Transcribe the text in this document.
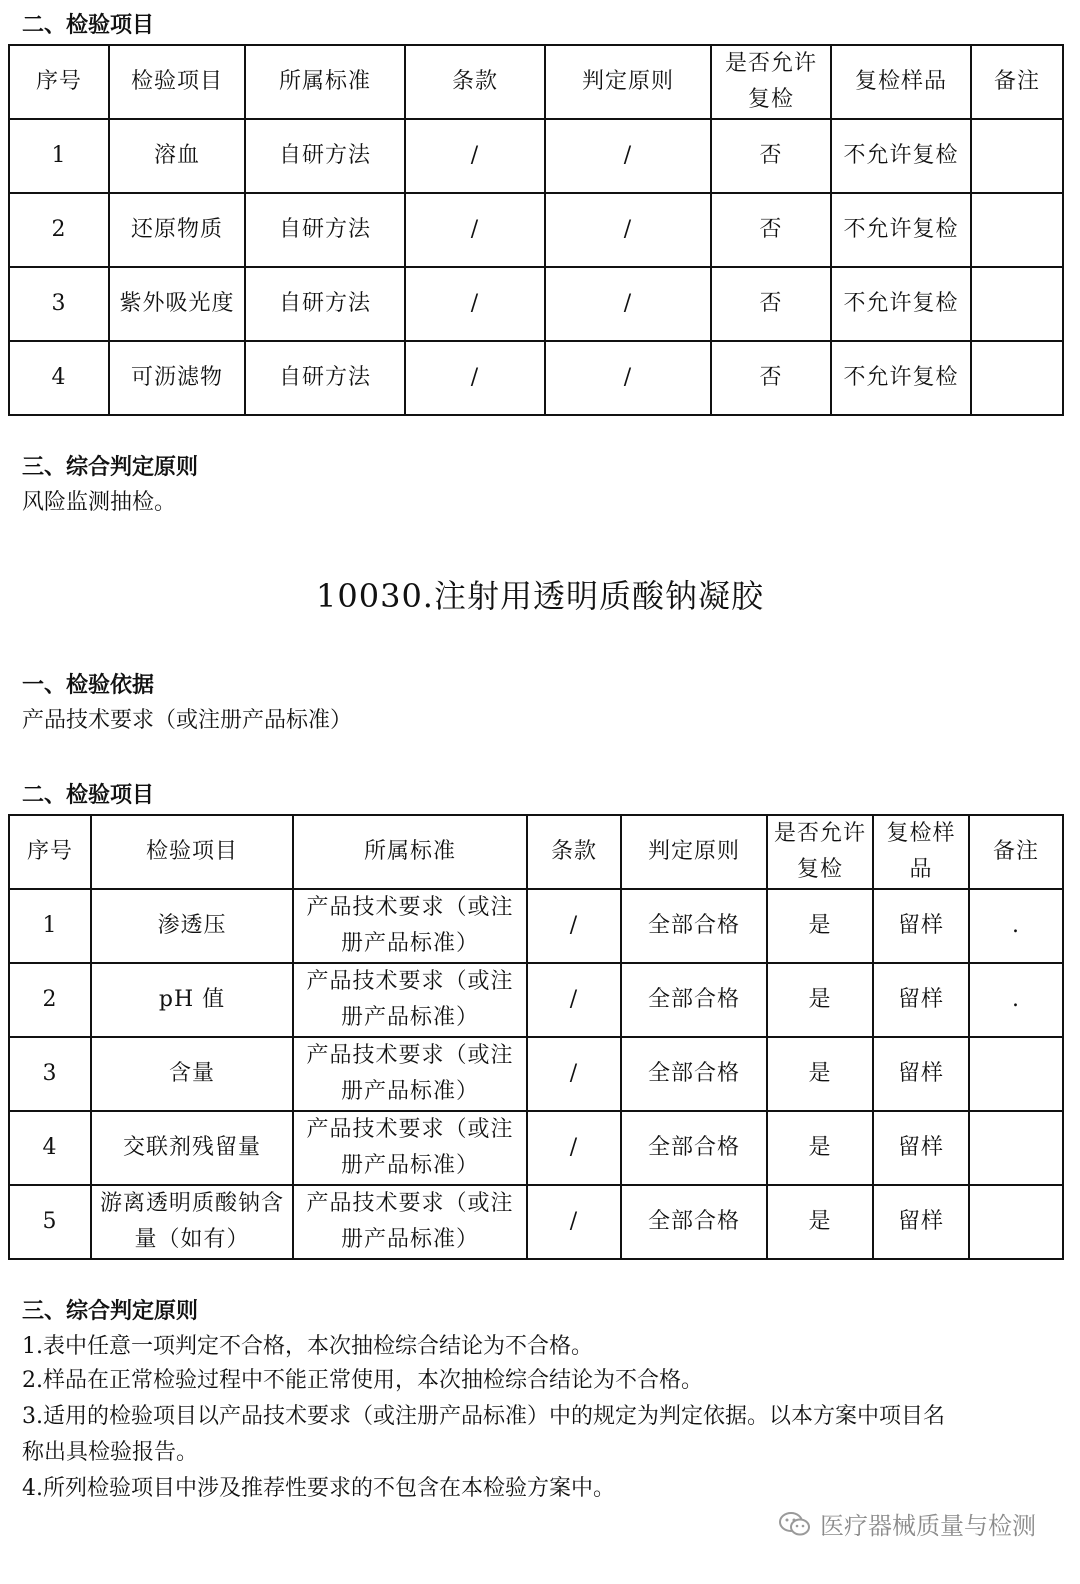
二、检验项目
序号	检验项目	所属标准	条款	判定原则	是否允许复检	复检样品	备注
1	溶血	自研方法	/	/	否	不允许复检	
2	还原物质	自研方法	/	/	否	不允许复检	
3	紫外吸光度	自研方法	/	/	否	不允许复检	
4	可沥滤物	自研方法	/	/	否	不允许复检	
三、综合判定原则
风险监测抽检。
10030.注射用透明质酸钠凝胶
一、检验依据
产品技术要求（或注册产品标准）
二、检验项目
序号	检验项目	所属标准	条款	判定原则	是否允许复检	复检样品	备注
1	渗透压	产品技术要求（或注册产品标准）	/	全部合格	是	留样	.
2	pH 值	产品技术要求（或注册产品标准）	/	全部合格	是	留样	.
3	含量	产品技术要求（或注册产品标准）	/	全部合格	是	留样	
4	交联剂残留量	产品技术要求（或注册产品标准）	/	全部合格	是	留样	
5	游离透明质酸钠含量（如有）	产品技术要求（或注册产品标准）	/	全部合格	是	留样	
三、综合判定原则
1.表中任意一项判定不合格，本次抽检综合结论为不合格。
2.样品在正常检验过程中不能正常使用，本次抽检综合结论为不合格。
3.适用的检验项目以产品技术要求（或注册产品标准）中的规定为判定依据。以本方案中项目名
称出具检验报告。
4.所列检验项目中涉及推荐性要求的不包含在本检验方案中。
医疗器械质量与检测
